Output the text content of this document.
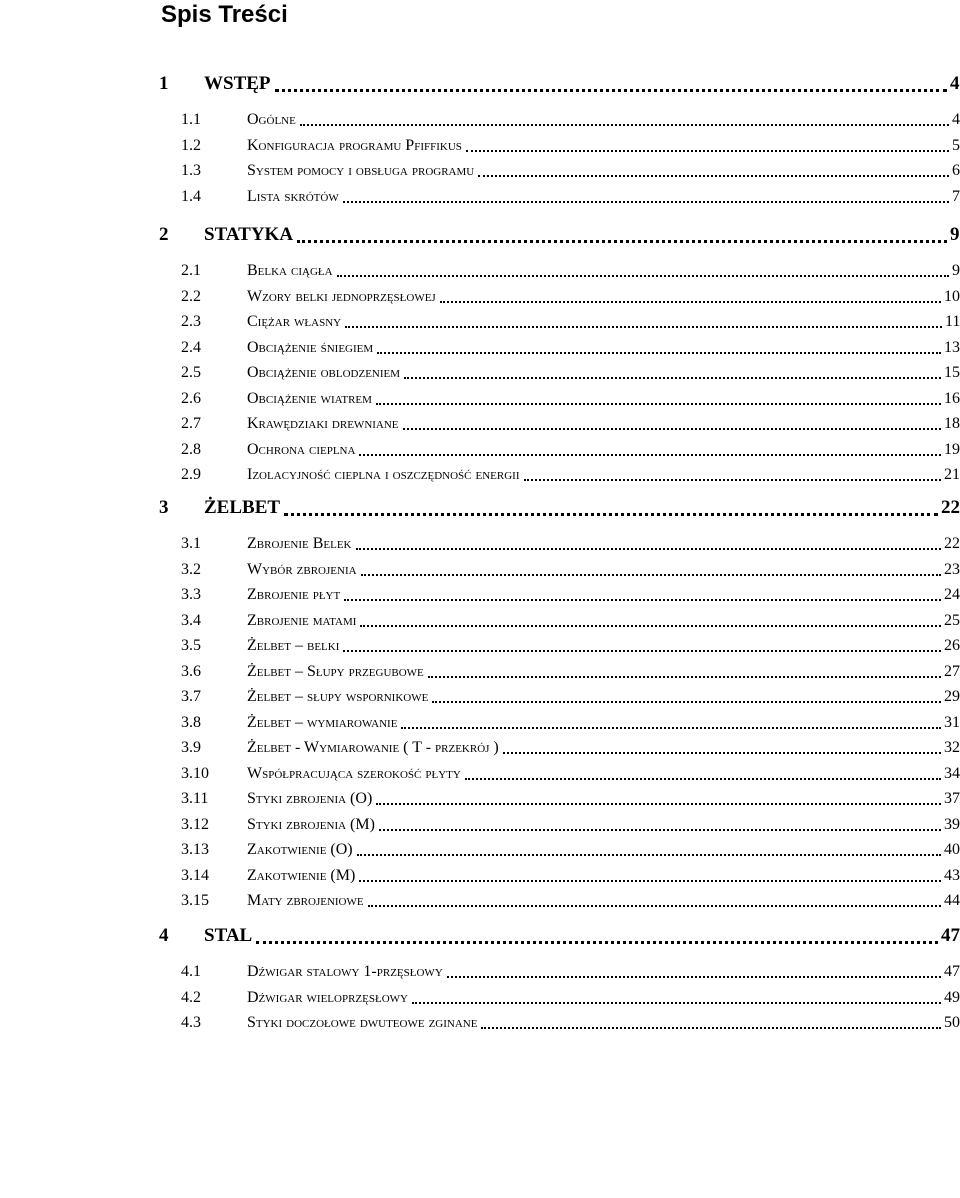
Spis Treści
1 WSTĘP	4
1.1	Ogólne	4
1.2	Konfiguracja programu Pfiffikus	5
1.3	System pomocy i obsługa programu	6
1.4	Lista skrótów	7
2 STATYKA	9
2.1	Belka ciągła	9
2.2	Wzory belki jednoprzęsłowej	10
2.3	Ciężar własny	11
2.4	Obciążenie śniegiem	13
2.5	Obciążenie oblodzeniem	15
2.6	Obciążenie wiatrem	16
2.7	Krawędziaki drewniane	18
2.8	Ochrona cieplna	19
2.9	Izolacyjność cieplna i oszczędność energii	21
3 ŻELBET	22
3.1	Zbrojenie Belek	22
3.2	Wybór zbrojenia	23
3.3	Zbrojenie płyt	24
3.4	Zbrojenie matami	25
3.5	Żelbet – belki	26
3.6	Żelbet – Słupy przegubowe	27
3.7	Żelbet – słupy wspornikowe	29
3.8	Żelbet – wymiarowanie	31
3.9	Żelbet - Wymiarowanie ( T - przekrój )	32
3.10 Współpracująca szerokość płyty	34
3.11 Styki zbrojenia (O)	37
3.12 Styki zbrojenia (M)	39
3.13 Zakotwienie (O)	40
3.14 Zakotwienie (M)	43
3.15 Maty zbrojeniowe	44
4 STAL	47
4.1	Dźwigar stalowy 1-przęsłowy	47
4.2	Dźwigar wieloprzęsłowy	49
4.3	Styki doczołowe dwuteowe zginane	50
